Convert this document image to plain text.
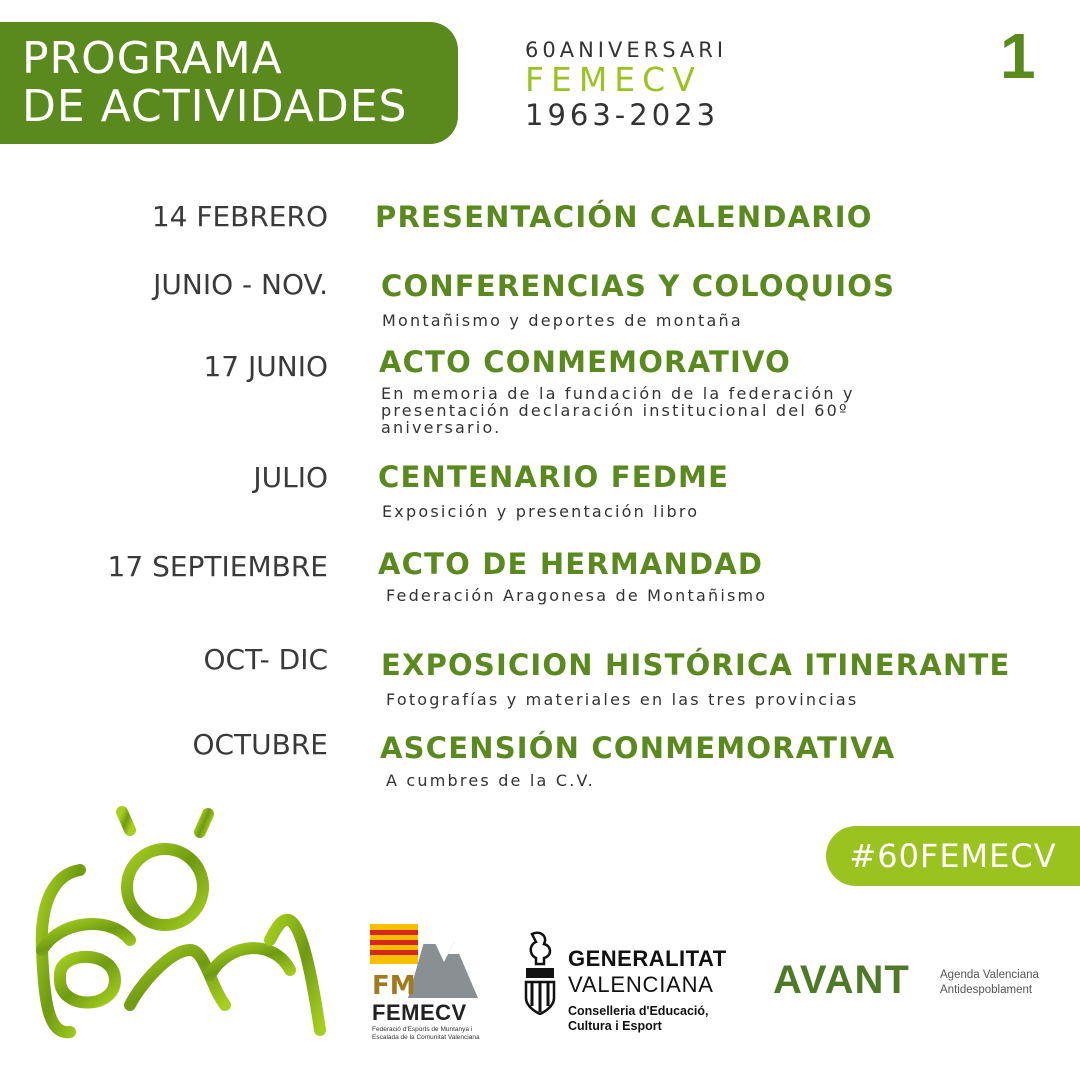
PROGRAMA
DE ACTIVIDADES
60ANIVERSARI
FEMECV
1963-2023
1
14 FEBRERO PRESENTACIÓN CALENDARIO
JUNIO - NOV. CONFERENCIAS Y COLOQUIOS
Montañismo y deportes de montaña
17 JUNIO ACTO CONMEMORATIVO
En memoria de la fundación de la federación y
presentación declaración institucional del 60º
aniversario.
JULIO CENTENARIO FEDME
Exposición y presentación libro
17 SEPTIEMBRE ACTO DE HERMANDAD
Federación Aragonesa de Montañismo
OCT- DIC EXPOSICION HISTÓRICA ITINERANTE
Fotografías y materiales en las tres provincias
OCTUBRE ASCENSIÓN CONMEMORATIVA
A cumbres de la C.V.
#60FEMECV
FM
FEMECV
Federació d'Esports de Muntanya i
Escalada de la Comunitat Valenciana
GENERALITAT
VALENCIANA
Conselleria d'Educació,
Cultura i Esport
AVANT	Agenda Valenciana
Antidespoblament
